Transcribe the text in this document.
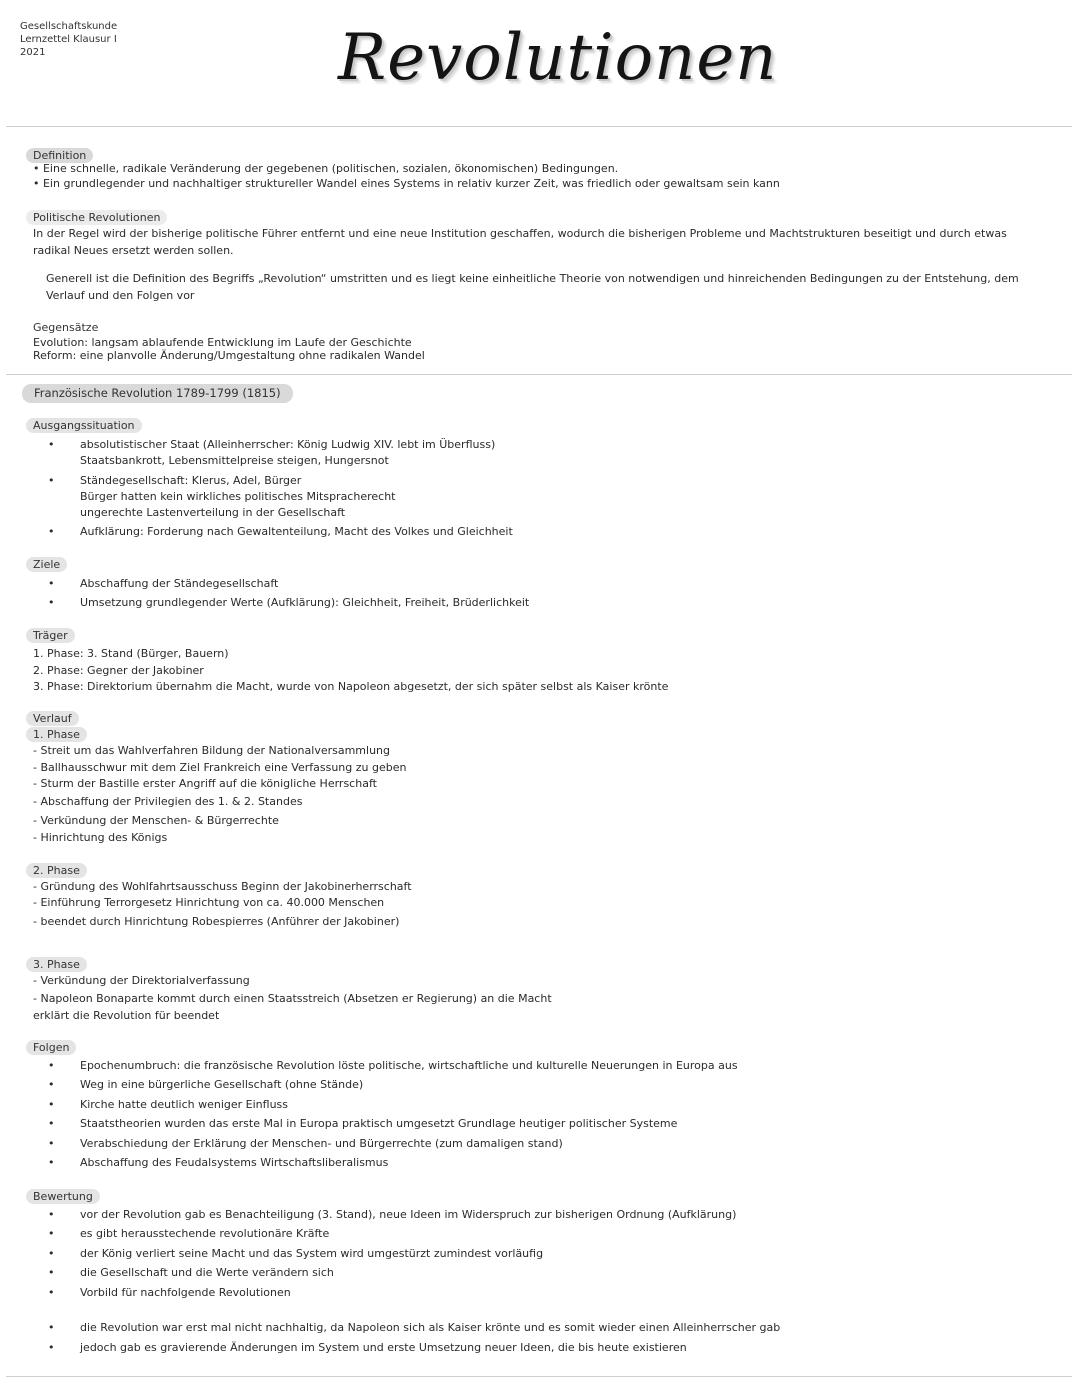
Gesellschaftskunde
Lernzettel Klausur I
2021	Revolutionen
Definition
• Eine schnelle, radikale Veränderung der gegebenen (politischen, sozialen, ökonomischen) Bedingungen.
• Ein grundlegender und nachhaltiger struktureller Wandel eines Systems in relativ kurzer Zeit, was friedlich oder gewaltsam sein kann
Politische Revolutionen
In der Regel wird der bisherige politische Führer entfernt und eine neue Institution geschaffen, wodurch die bisherigen Probleme und Machtstrukturen beseitigt und durch etwas radikal Neues ersetzt werden sollen.
Generell ist die Definition des Begriffs „Revolution“ umstritten und es liegt keine einheitliche Theorie von notwendigen und hinreichenden Bedingungen zu der Entstehung, dem Verlauf und den Folgen vor
Gegensätze
Evolution: langsam ablaufende Entwicklung im Laufe der Geschichte
Reform: eine planvolle Änderung/Umgestaltung ohne radikalen Wandel
Französische Revolution 1789-1799 (1815)
Ausgangssituation
• absolutistischer Staat (Alleinherrscher: König Ludwig XIV. lebt im Überfluss)
Staatsbankrott, Lebensmittelpreise steigen, Hungersnot
• Ständegesellschaft: Klerus, Adel, Bürger
Bürger hatten kein wirkliches politisches Mitspracherecht
ungerechte Lastenverteilung in der Gesellschaft
• Aufklärung: Forderung nach Gewaltenteilung, Macht des Volkes und Gleichheit
Ziele
• Abschaffung der Ständegesellschaft
• Umsetzung grundlegender Werte (Aufklärung): Gleichheit, Freiheit, Brüderlichkeit
Träger
1. Phase: 3. Stand (Bürger, Bauern)
2. Phase: Gegner der Jakobiner
3. Phase: Direktorium übernahm die Macht, wurde von Napoleon abgesetzt, der sich später selbst als Kaiser krönte
Verlauf
1. Phase
- Streit um das Wahlverfahren Bildung der Nationalversammlung
- Ballhausschwur mit dem Ziel Frankreich eine Verfassung zu geben
- Sturm der Bastille erster Angriff auf die königliche Herrschaft
- Abschaffung der Privilegien des 1. & 2. Standes
- Verkündung der Menschen- & Bürgerrechte
- Hinrichtung des Königs
2. Phase
- Gründung des Wohlfahrtsausschuss Beginn der Jakobinerherrschaft
- Einführung Terrorgesetz Hinrichtung von ca. 40.000 Menschen
- beendet durch Hinrichtung Robespierres (Anführer der Jakobiner)
3. Phase
- Verkündung der Direktorialverfassung
- Napoleon Bonaparte kommt durch einen Staatsstreich (Absetzen er Regierung) an die Macht
erklärt die Revolution für beendet
Folgen
• Epochenumbruch: die französische Revolution löste politische, wirtschaftliche und kulturelle Neuerungen in Europa aus
• Weg in eine bürgerliche Gesellschaft (ohne Stände)
• Kirche hatte deutlich weniger Einfluss
• Staatstheorien wurden das erste Mal in Europa praktisch umgesetzt Grundlage heutiger politischer Systeme
• Verabschiedung der Erklärung der Menschen- und Bürgerrechte (zum damaligen stand)
• Abschaffung des Feudalsystems Wirtschaftsliberalismus
Bewertung
• vor der Revolution gab es Benachteiligung (3. Stand), neue Ideen im Widerspruch zur bisherigen Ordnung (Aufklärung)
• es gibt herausstechende revolutionäre Kräfte
• der König verliert seine Macht und das System wird umgestürzt zumindest vorläufig
• die Gesellschaft und die Werte verändern sich
• Vorbild für nachfolgende Revolutionen
• die Revolution war erst mal nicht nachhaltig, da Napoleon sich als Kaiser krönte und es somit wieder einen Alleinherrscher gab
• jedoch gab es gravierende Änderungen im System und erste Umsetzung neuer Ideen, die bis heute existieren
